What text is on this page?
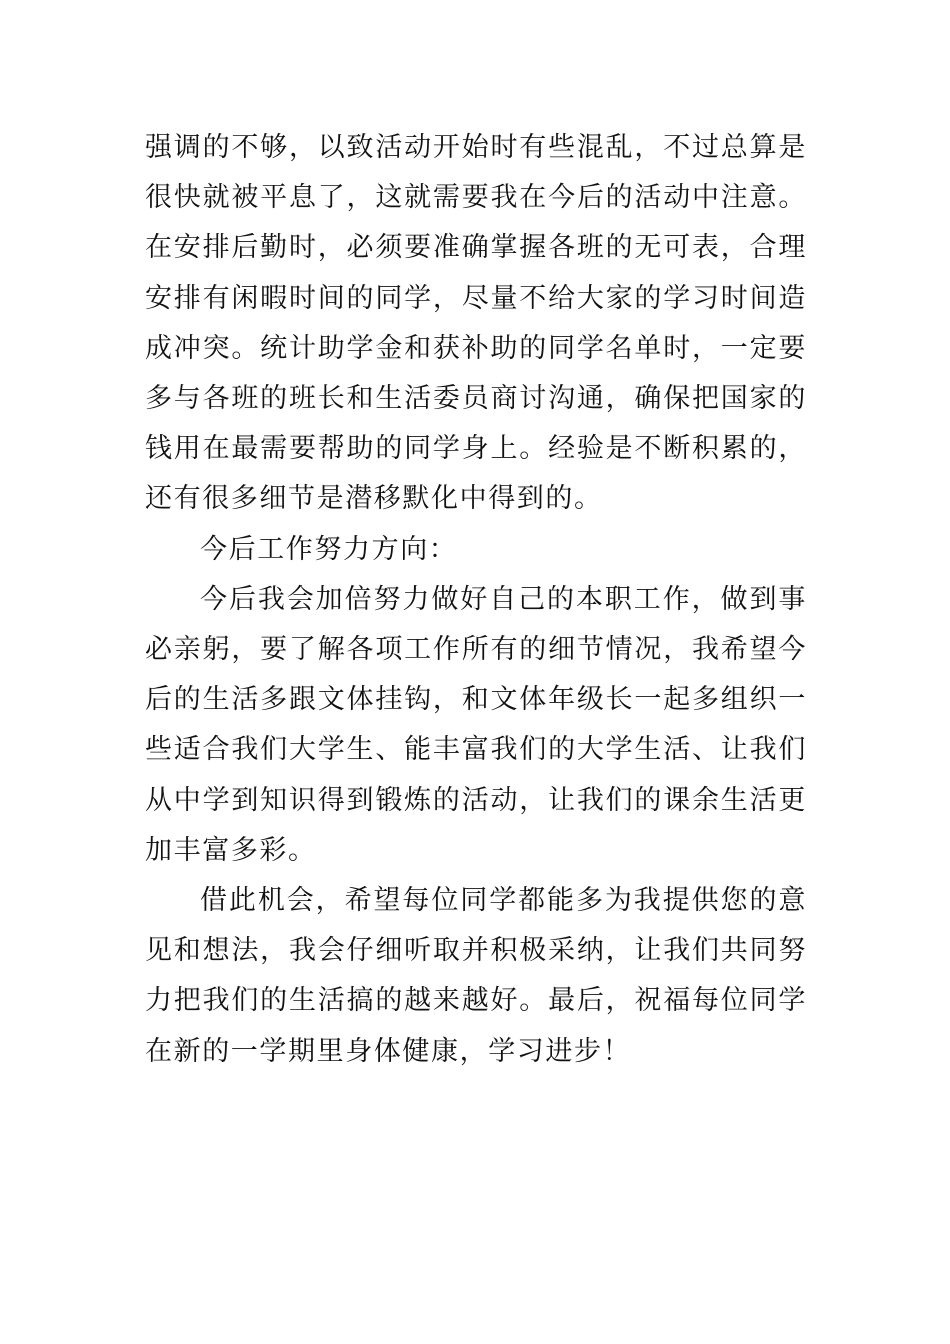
强调的不够，以致活动开始时有些混乱，不过总算是很快就被平息了，这就需要我在今后的活动中注意。在安排后勤时，必须要准确掌握各班的无可表，合理安排有闲暇时间的同学，尽量不给大家的学习时间造成冲突。统计助学金和获补助的同学名单时，一定要多与各班的班长和生活委员商讨沟通，确保把国家的钱用在最需要帮助的同学身上。经验是不断积累的，还有很多细节是潜移默化中得到的。

今后工作努力方向：

今后我会加倍努力做好自己的本职工作，做到事必亲躬，要了解各项工作所有的细节情况，我希望今后的生活多跟文体挂钩，和文体年级长一起多组织一些适合我们大学生、能丰富我们的大学生活、让我们从中学到知识得到锻炼的活动，让我们的课余生活更加丰富多彩。

借此机会，希望每位同学都能多为我提供您的意见和想法，我会仔细听取并积极采纳，让我们共同努力把我们的生活搞的越来越好。最后，祝福每位同学在新的一学期里身体健康，学习进步！
